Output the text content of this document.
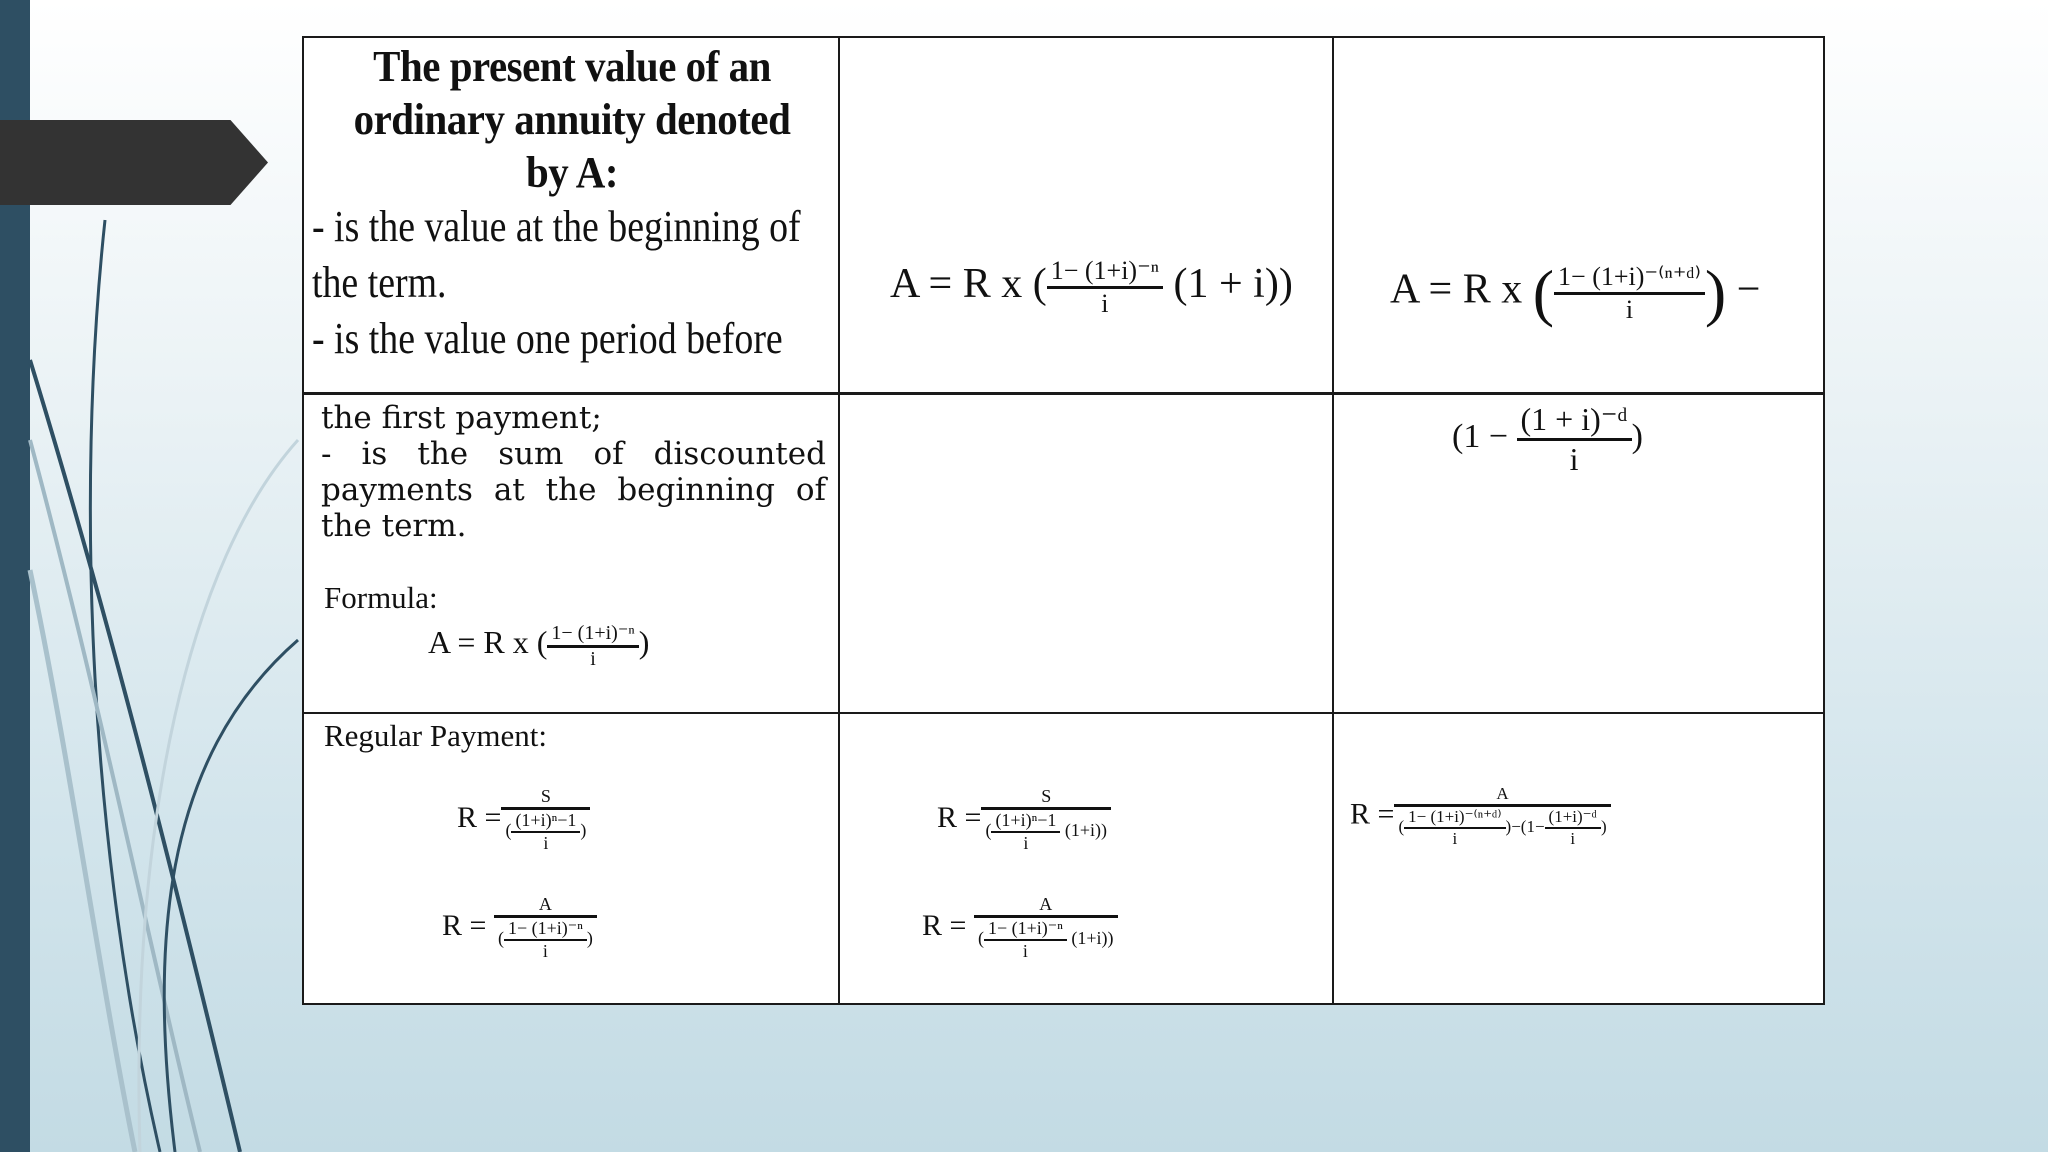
The present value of an ordinary annuity denoted by A:
- is the value at the beginning of
the term.
- is the value one period before
A = R x ( $\frac{\text{1− (1+i)⁻ⁿ}}{i} (1 + i)$) A = R x ( $\frac{\text{1− (1+i)⁻⁽ⁿ⁺ᵈ⁾}}{i}$ ) −
the first payment;
- is the sum of discounted
payments at the beginning of
the term.
Formula:
A = R x ( $\frac{\text{1− (1+i)⁻ⁿ}}{i}$ )
($1 - \frac{\text{(1 + i)⁻ᵈ}}{i}$ )
Regular Payment:
$R = \frac{S}{( \frac{\text{(1+i)ⁿ−1}}{i} )}$
$R = \frac{A}{( \frac{\text{1− (1+i)⁻ⁿ}}{i} )}$
$R = \frac{S}{( \frac{\text{(1+i)ⁿ−1}}{i} (1+i))}$
$R = \frac{A}{( \frac{\text{1− (1+i)⁻ⁿ}}{i} (1+i))}$
$R = \frac{A}{( \frac{\text{1− (1+i)⁻⁽ⁿ⁺ᵈ⁾}}{i} )-(1- \frac{\text{(1+i)⁻ᵈ}}{i} )}$
